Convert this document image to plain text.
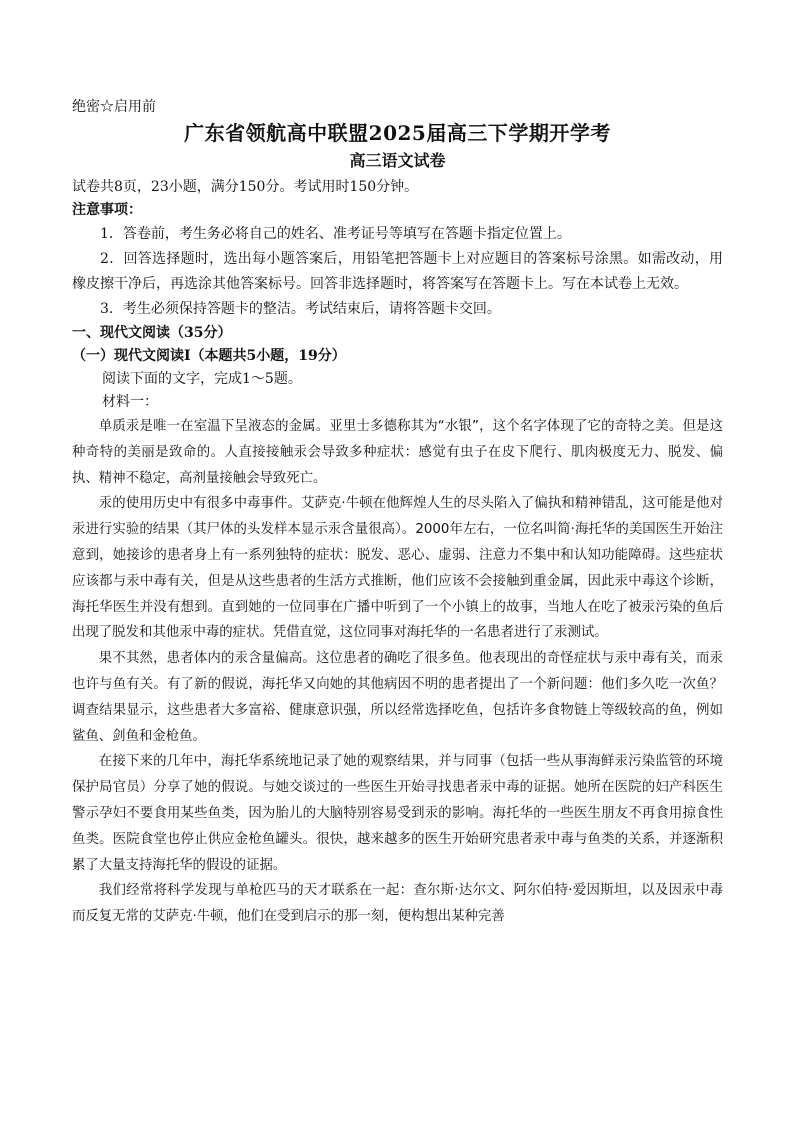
绝密☆启用前
广东省领航高中联盟2025届高三下学期开学考
高三语文试卷
试卷共8页，23小题，满分150分。考试用时150分钟。
注意事项：

1．答卷前，考生务必将自己的姓名、准考证号等填写在答题卡指定位置上。

2．回答选择题时，选出每小题答案后，用铅笔把答题卡上对应题目的答案标号涂黑。如需改动，用橡皮擦干净后，再选涂其他答案标号。回答非选择题时，将答案写在答题卡上。写在本试卷上无效。

3．考生必须保持答题卡的整洁。考试结束后，请将答题卡交回。

一、现代文阅读（35分）
（一）现代文阅读Ⅰ（本题共5小题，19分）
阅读下面的文字，完成1～5题。
材料一：

单质汞是唯一在室温下呈液态的金属。亚里士多德称其为“水银”，这个名字体现了它的奇特之美。但是这种奇特的美丽是致命的。人直接接触汞会导致多种症状：感觉有虫子在皮下爬行、肌肉极度无力、脱发、偏执、精神不稳定，高剂量接触会导致死亡。

汞的使用历史中有很多中毒事件。艾萨克·牛顿在他辉煌人生的尽头陷入了偏执和精神错乱，这可能是他对汞进行实验的结果（其尸体的头发样本显示汞含量很高）。2000年左右，一位名叫简·海托华的美国医生开始注意到，她接诊的患者身上有一系列独特的症状：脱发、恶心、虚弱、注意力不集中和认知功能障碍。这些症状应该都与汞中毒有关，但是从这些患者的生活方式推断，他们应该不会接触到重金属，因此汞中毒这个诊断，海托华医生并没有想到。直到她的一位同事在广播中听到了一个小镇上的故事，当地人在吃了被汞污染的鱼后出现了脱发和其他汞中毒的症状。凭借直觉，这位同事对海托华的一名患者进行了汞测试。

果不其然，患者体内的汞含量偏高。这位患者的确吃了很多鱼。他表现出的奇怪症状与汞中毒有关，而汞也许与鱼有关。有了新的假说，海托华又向她的其他病因不明的患者提出了一个新问题：他们多久吃一次鱼？调查结果显示，这些患者大多富裕、健康意识强，所以经常选择吃鱼，包括许多食物链上等级较高的鱼，例如鲨鱼、剑鱼和金枪鱼。

在接下来的几年中，海托华系统地记录了她的观察结果，并与同事（包括一些从事海鲜汞污染监管的环境保护局官员）分享了她的假说。与她交谈过的一些医生开始寻找患者汞中毒的证据。她所在医院的妇产科医生警示孕妇不要食用某些鱼类，因为胎儿的大脑特别容易受到汞的影响。海托华的一些医生朋友不再食用掠食性鱼类。医院食堂也停止供应金枪鱼罐头。很快，越来越多的医生开始研究患者汞中毒与鱼类的关系，并逐渐积累了大量支持海托华的假设的证据。

我们经常将科学发现与单枪匹马的天才联系在一起：查尔斯·达尔文、阿尔伯特·爱因斯坦，以及因汞中毒而反复无常的艾萨克·牛顿，他们在受到启示的那一刻，便构想出某种完善
